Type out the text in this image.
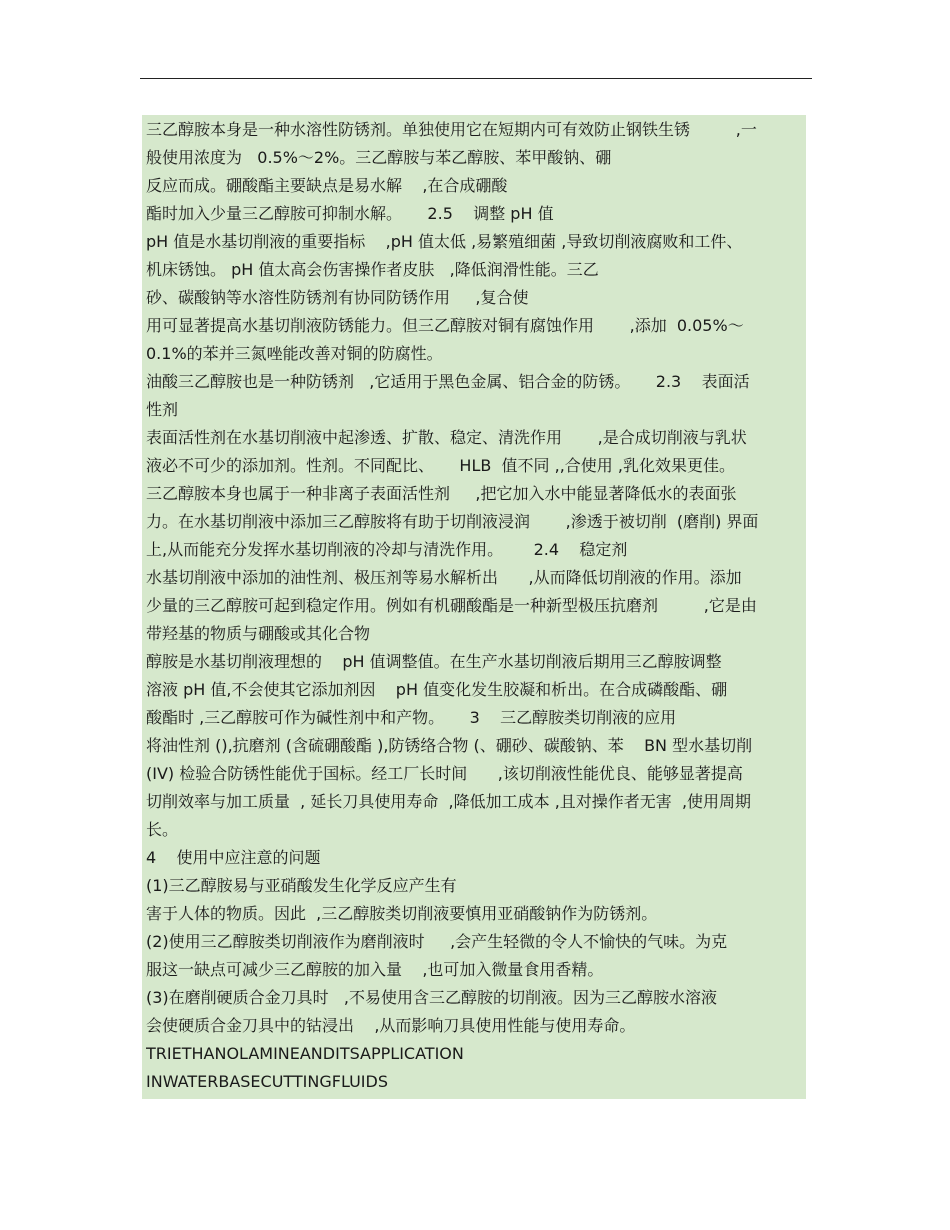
三乙醇胺本身是一种水溶性防锈剂。单独使用它在短期内可有效防止钢铁生锈         ,一
般使用浓度为   0.5%～2%。三乙醇胺与苯乙醇胺、苯甲酸钠、硼
反应而成。硼酸酯主要缺点是易水解    ,在合成硼酸
酯时加入少量三乙醇胺可抑制水解。     2.5    调整 pH 值
pH 值是水基切削液的重要指标    ,pH 值太低 ,易繁殖细菌 ,导致切削液腐败和工件、
机床锈蚀。 pH 值太高会伤害操作者皮肤   ,降低润滑性能。三乙
砂、碳酸钠等水溶性防锈剂有协同防锈作用     ,复合使
用可显著提高水基切削液防锈能力。但三乙醇胺对铜有腐蚀作用       ,添加  0.05%～
0.1%的苯并三氮唑能改善对铜的防腐性。
油酸三乙醇胺也是一种防锈剂   ,它适用于黑色金属、铝合金的防锈。     2.3    表面活
性剂
表面活性剂在水基切削液中起渗透、扩散、稳定、清洗作用       ,是合成切削液与乳状
液必不可少的添加剂。性剂。不同配比、     HLB  值不同 ,,合使用 ,乳化效果更佳。
三乙醇胺本身也属于一种非离子表面活性剂     ,把它加入水中能显著降低水的表面张
力。在水基切削液中添加三乙醇胺将有助于切削液浸润       ,渗透于被切削  (磨削) 界面
上,从而能充分发挥水基切削液的冷却与清洗作用。      2.4    稳定剂
水基切削液中添加的油性剂、极压剂等易水解析出      ,从而降低切削液的作用。添加
少量的三乙醇胺可起到稳定作用。例如有机硼酸酯是一种新型极压抗磨剂         ,它是由
带羟基的物质与硼酸或其化合物
醇胺是水基切削液理想的    pH 值调整值。在生产水基切削液后期用三乙醇胺调整
溶液 pH 值,不会使其它添加剂因    pH 值变化发生胶凝和析出。在合成磷酸酯、硼
酸酯时 ,三乙醇胺可作为碱性剂中和产物。     3    三乙醇胺类切削液的应用
将油性剂 (),抗磨剂 (含硫硼酸酯 ),防锈络合物 (、硼砂、碳酸钠、苯    BN 型水基切削
(IV) 检验合防锈性能优于国标。经工厂长时间      ,该切削液性能优良、能够显著提高
切削效率与加工质量  , 延长刀具使用寿命  ,降低加工成本 ,且对操作者无害  ,使用周期
长。
4    使用中应注意的问题
(1)三乙醇胺易与亚硝酸发生化学反应产生有
害于人体的物质。因此  ,三乙醇胺类切削液要慎用亚硝酸钠作为防锈剂。
(2)使用三乙醇胺类切削液作为磨削液时     ,会产生轻微的令人不愉快的气味。为克
服这一缺点可减少三乙醇胺的加入量    ,也可加入微量食用香精。
(3)在磨削硬质合金刀具时   ,不易使用含三乙醇胺的切削液。因为三乙醇胺水溶液
会使硬质合金刀具中的钴浸出    ,从而影响刀具使用性能与使用寿命。
TRIETHANOLAMINEANDITSAPPLICATION
INWATERBASECUTTINGFLUIDS
